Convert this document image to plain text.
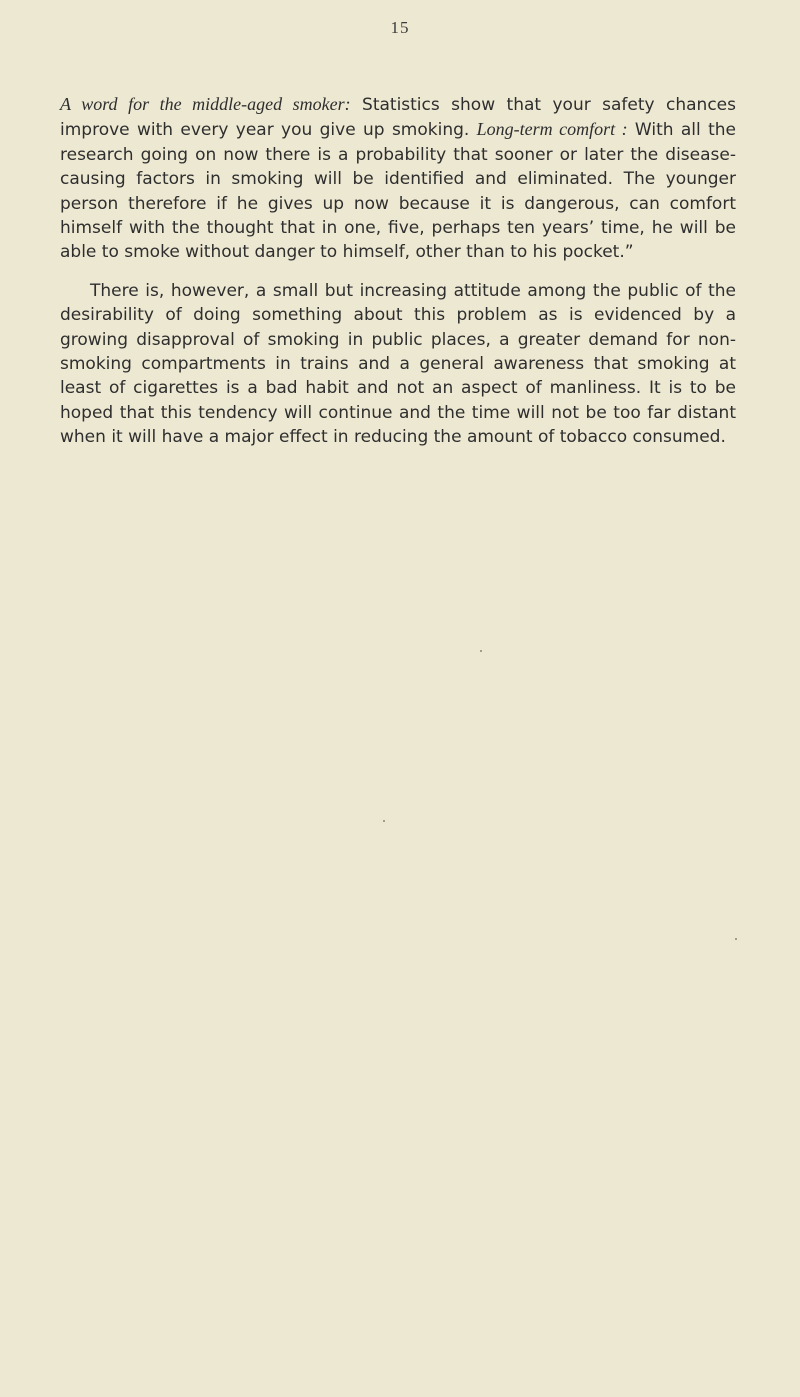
15

A word for the middle-aged smoker: Statistics show that your safety chances improve with every year you give up smoking. Long-term comfort : With all the research going on now there is a probability that sooner or later the disease-causing factors in smoking will be identified and eliminated. The younger person therefore if he gives up now because it is dangerous, can comfort himself with the thought that in one, five, perhaps ten years’ time, he will be able to smoke without danger to himself, other than to his pocket.”

There is, however, a small but increasing attitude among the public of the desirability of doing something about this problem as is evidenced by a growing disapproval of smoking in public places, a greater demand for non-smoking compartments in trains and a general awareness that smoking at least of cigarettes is a bad habit and not an aspect of manliness. It is to be hoped that this tendency will continue and the time will not be too far distant when it will have a major effect in reducing the amount of tobacco consumed.
